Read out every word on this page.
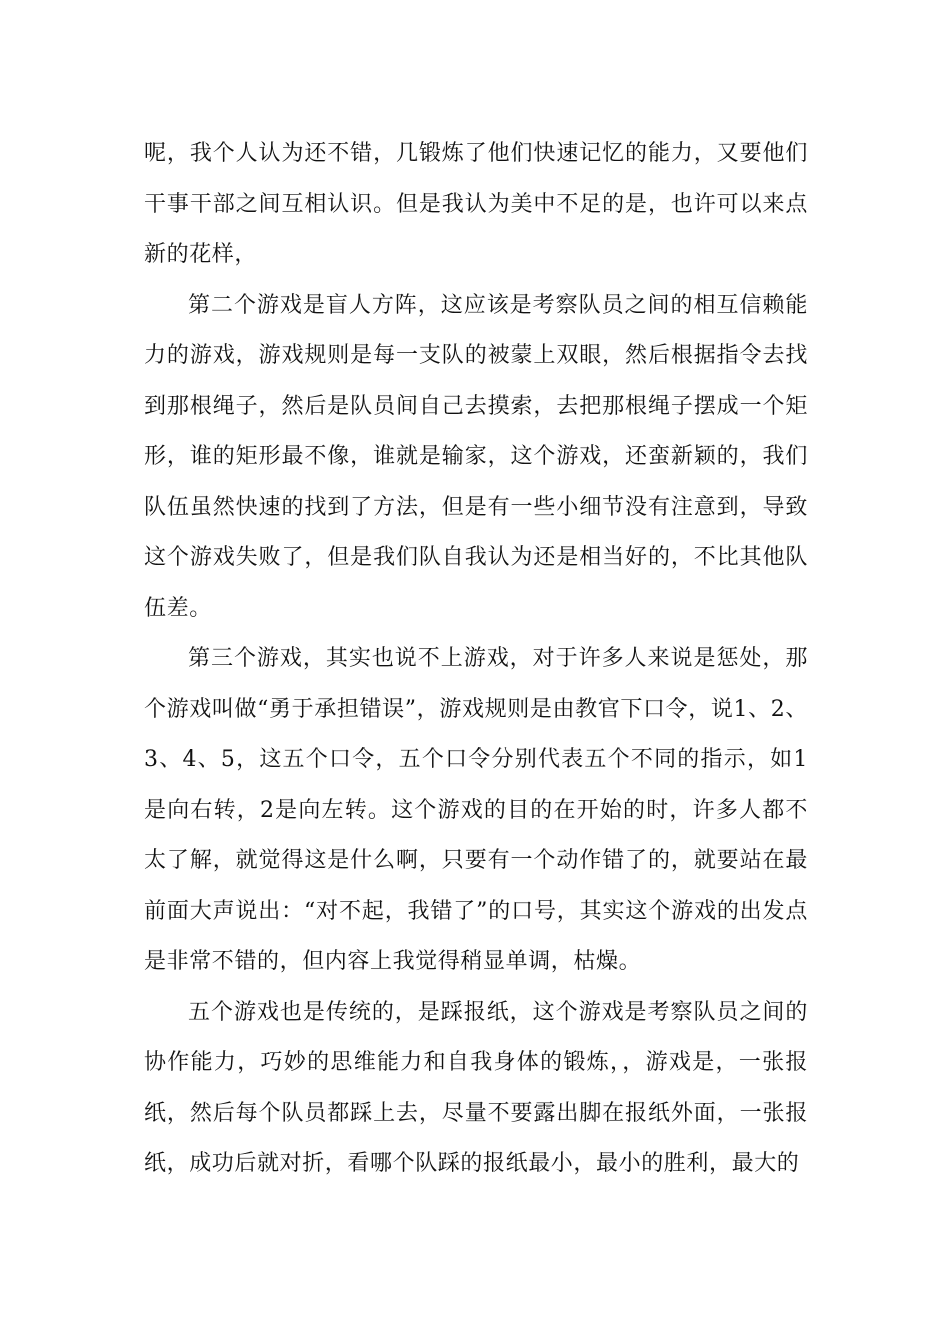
呢，我个人认为还不错，几锻炼了他们快速记忆的能力，又要他们干事干部之间互相认识。但是我认为美中不足的是，也许可以来点新的花样，

第二个游戏是盲人方阵，这应该是考察队员之间的相互信赖能力的游戏，游戏规则是每一支队的被蒙上双眼，然后根据指令去找到那根绳子，然后是队员间自己去摸索，去把那根绳子摆成一个矩形，谁的矩形最不像，谁就是输家，这个游戏，还蛮新颖的，我们队伍虽然快速的找到了方法，但是有一些小细节没有注意到，导致这个游戏失败了，但是我们队自我认为还是相当好的，不比其他队伍差。

第三个游戏，其实也说不上游戏，对于许多人来说是惩处，那个游戏叫做“勇于承担错误”，游戏规则是由教官下口令，说1、2、3、4、5，这五个口令，五个口令分别代表五个不同的指示，如1是向右转，2是向左转。这个游戏的目的在开始的时，许多人都不太了解，就觉得这是什么啊，只要有一个动作错了的，就要站在最前面大声说出：“对不起，我错了”的口号，其实这个游戏的出发点是非常不错的，但内容上我觉得稍显单调，枯燥。

五个游戏也是传统的，是踩报纸，这个游戏是考察队员之间的协作能力，巧妙的思维能力和自我身体的锻炼，，游戏是，一张报纸，然后每个队员都踩上去，尽量不要露出脚在报纸外面，一张报纸，成功后就对折，看哪个队踩的报纸最小，最小的胜利，最大的
